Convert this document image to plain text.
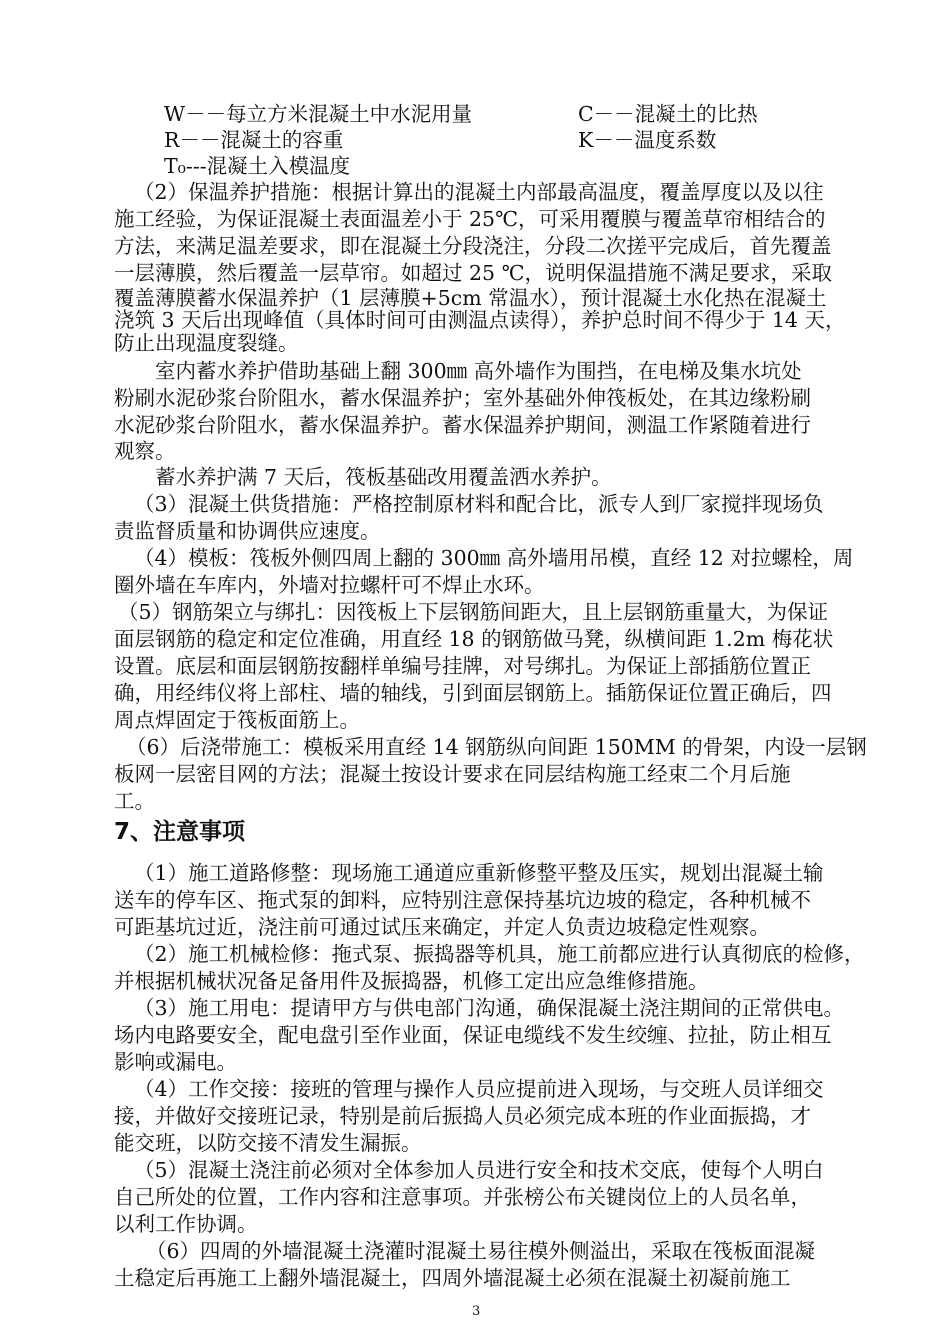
W－－每立方米混凝土中水泥用量	C－－混凝土的比热
R－－混凝土的容重	K－－温度系数
T₀---混凝土入模温度
（2）保温养护措施：根据计算出的混凝土内部最高温度，覆盖厚度以及以往
施工经验，为保证混凝土表面温差小于 25℃，可采用覆膜与覆盖草帘相结合的
方法，来满足温差要求，即在混凝土分段浇注，分段二次搓平完成后，首先覆盖
一层薄膜，然后覆盖一层草帘。如超过 25 ℃，说明保温措施不满足要求，采取
覆盖薄膜蓄水保温养护（1 层薄膜+5cm 常温水），预计混凝土水化热在混凝土
浇筑 3 天后出现峰值（具体时间可由测温点读得），养护总时间不得少于 14 天，
防止出现温度裂缝。
　　室内蓄水养护借助基础上翻 300㎜ 高外墙作为围挡，在电梯及集水坑处
粉刷水泥砂浆台阶阻水，蓄水保温养护；室外基础外伸筏板处，在其边缘粉刷
水泥砂浆台阶阻水，蓄水保温养护。蓄水保温养护期间，测温工作紧随着进行
观察。
　　蓄水养护满 7 天后，筏板基础改用覆盖洒水养护。
（3）混凝土供货措施：严格控制原材料和配合比，派专人到厂家搅拌现场负
责监督质量和协调供应速度。
（4）模板：筏板外侧四周上翻的 300㎜ 高外墙用吊模，直经 12 对拉螺栓，周
圈外墙在车库内，外墙对拉螺杆可不焊止水环。
（5）钢筋架立与绑扎：因筏板上下层钢筋间距大，且上层钢筋重量大，为保证
面层钢筋的稳定和定位准确，用直经 18 的钢筋做马凳，纵横间距 1.2m 梅花状
设置。底层和面层钢筋按翻样单编号挂牌，对号绑扎。为保证上部插筋位置正
确，用经纬仪将上部柱、墙的轴线，引到面层钢筋上。插筋保证位置正确后，四
周点焊固定于筏板面筋上。
（6）后浇带施工：模板采用直经 14 钢筋纵向间距 150MM 的骨架，内设一层钢
板网一层密目网的方法；混凝土按设计要求在同层结构施工经束二个月后施
工。
7、注意事项
（1）施工道路修整：现场施工通道应重新修整平整及压实，规划出混凝土输
送车的停车区、拖式泵的卸料，应特别注意保持基坑边坡的稳定，各种机械不
可距基坑过近，浇注前可通过试压来确定，并定人负责边坡稳定性观察。
（2）施工机械检修：拖式泵、振捣器等机具，施工前都应进行认真彻底的检修，
并根据机械状况备足备用件及振捣器，机修工定出应急维修措施。
（3）施工用电：提请甲方与供电部门沟通，确保混凝土浇注期间的正常供电。
场内电路要安全，配电盘引至作业面，保证电缆线不发生绞缠、拉扯，防止相互
影响或漏电。
（4）工作交接：接班的管理与操作人员应提前进入现场，与交班人员详细交
接，并做好交接班记录，特别是前后振捣人员必须完成本班的作业面振捣，才
能交班，以防交接不清发生漏振。
（5）混凝土浇注前必须对全体参加人员进行安全和技术交底，使每个人明白
自己所处的位置，工作内容和注意事项。并张榜公布关键岗位上的人员名单，
以利工作协调。
（6）四周的外墙混凝土浇灌时混凝土易往模外侧溢出，采取在筏板面混凝
土稳定后再施工上翻外墙混凝土，四周外墙混凝土必须在混凝土初凝前施工
3
